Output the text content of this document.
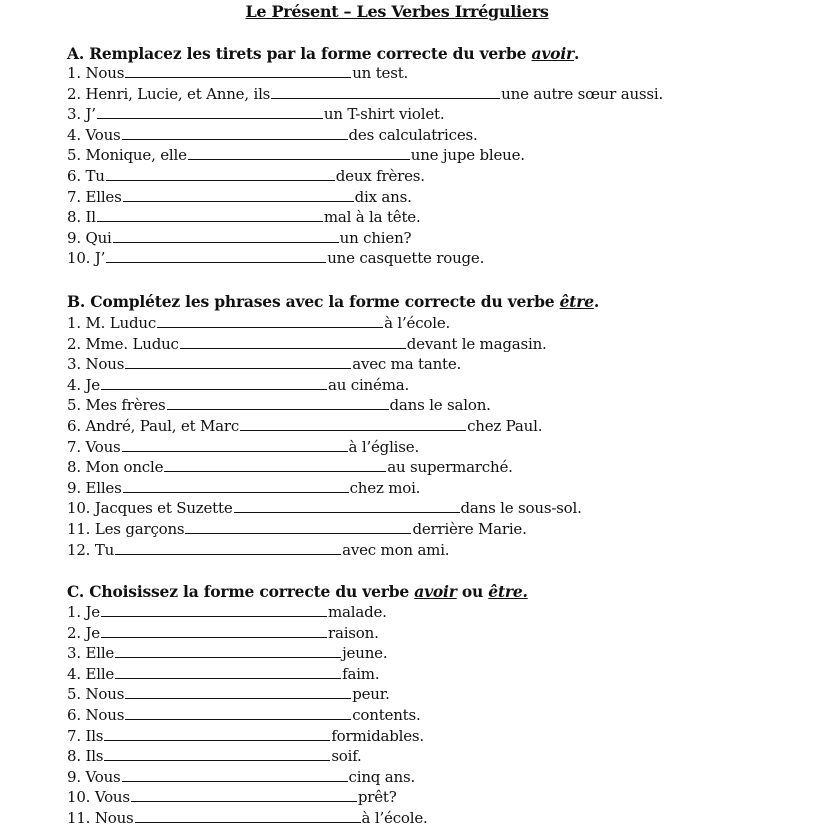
Le Présent – Les Verbes Irréguliers
A. Remplacez les tirets par la forme correcte du verbe avoir.
B. Complétez les phrases avec la forme correcte du verbe être.
C. Choisissez la forme correcte du verbe avoir ou être.
1. Nous	un test.
2. Henri, Lucie, et Anne, ils	une autre sœur aussi.
3. J’	un T-shirt violet.
4. Vous	des calculatrices.
5. Monique, elle	une jupe bleue.
6. Tu	deux frères.
7. Elles	dix ans.
8. Il	mal à la tête.
9. Qui	un chien?
10. J’	une casquette rouge.
1. M. Luduc	à l’école.
2. Mme. Luduc	devant le magasin.
3. Nous	avec ma tante.
4. Je	au cinéma.
5. Mes frères	dans le salon.
6. André, Paul, et Marc	chez Paul.
7. Vous	à l’église.
8. Mon oncle	au supermarché.
9. Elles	chez moi.
10. Jacques et Suzette	dans le sous-sol.
11. Les garçons	derrière Marie.
12. Tu	avec mon ami.
1. Je	malade.
2. Je	raison.
3. Elle	jeune.
4. Elle	faim.
5. Nous	peur.
6. Nous	contents.
7. Ils	formidables.
8. Ils	soif.
9. Vous	cinq ans.
10. Vous	prêt?
11. Nous	à l’école.
